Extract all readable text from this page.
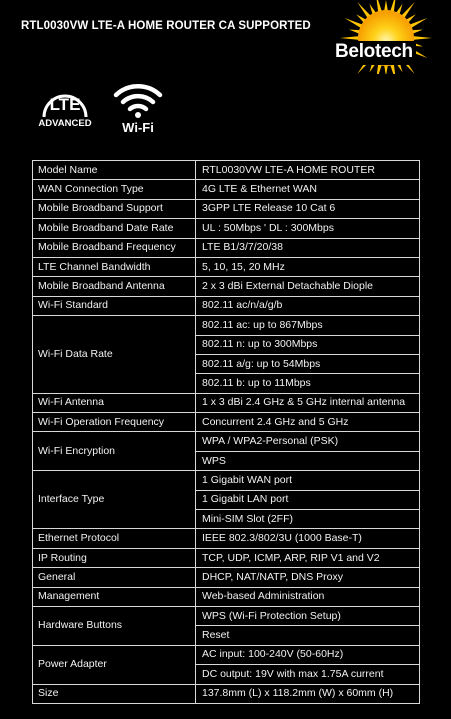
RTL0030VW LTE-A HOME ROUTER CA SUPPORTED
Belotech
LTE
ADVANCED Wi-Fi
Model Name	RTL0030VW LTE-A HOME ROUTER
WAN Connection Type	4G LTE & Ethernet WAN
Mobile Broadband Support	3GPP LTE Release 10 Cat 6
Mobile Broadband Date Rate	UL : 50Mbps ' DL : 300Mbps
Mobile Broadband Frequency	LTE B1/3/7/20/38
LTE Channel Bandwidth	5, 10, 15, 20 MHz
Mobile Broadband Antenna	2 x 3 dBi External Detachable Diople
Wi-Fi Standard	802.11 ac/n/a/g/b
Wi-Fi Data Rate	802.11 ac: up to 867Mbps
	802.11 n: up to 300Mbps
	802.11 a/g: up to 54Mbps
	802.11 b: up to 11Mbps
Wi-Fi Antenna	1 x 3 dBi 2.4 GHz & 5 GHz internal antenna
Wi-Fi Operation Frequency	Concurrent 2.4 GHz and 5 GHz
Wi-Fi Encryption	WPA / WPA2-Personal (PSK)
	WPS
Interface Type	1 Gigabit WAN port
	1 Gigabit LAN port
	Mini-SIM Slot (2FF)
Ethernet Protocol	IEEE 802.3/802/3U (1000 Base-T)
IP Routing	TCP, UDP, ICMP, ARP, RIP V1 and V2
General	DHCP, NAT/NATP, DNS Proxy
Management	Web-based Administration
Hardware Buttons	WPS (Wi-Fi Protection Setup)
	Reset
Power Adapter	AC input: 100-240V (50-60Hz)
	DC output: 19V with max 1.75A current
Size	137.8mm (L) x 118.2mm (W) x 60mm (H)
